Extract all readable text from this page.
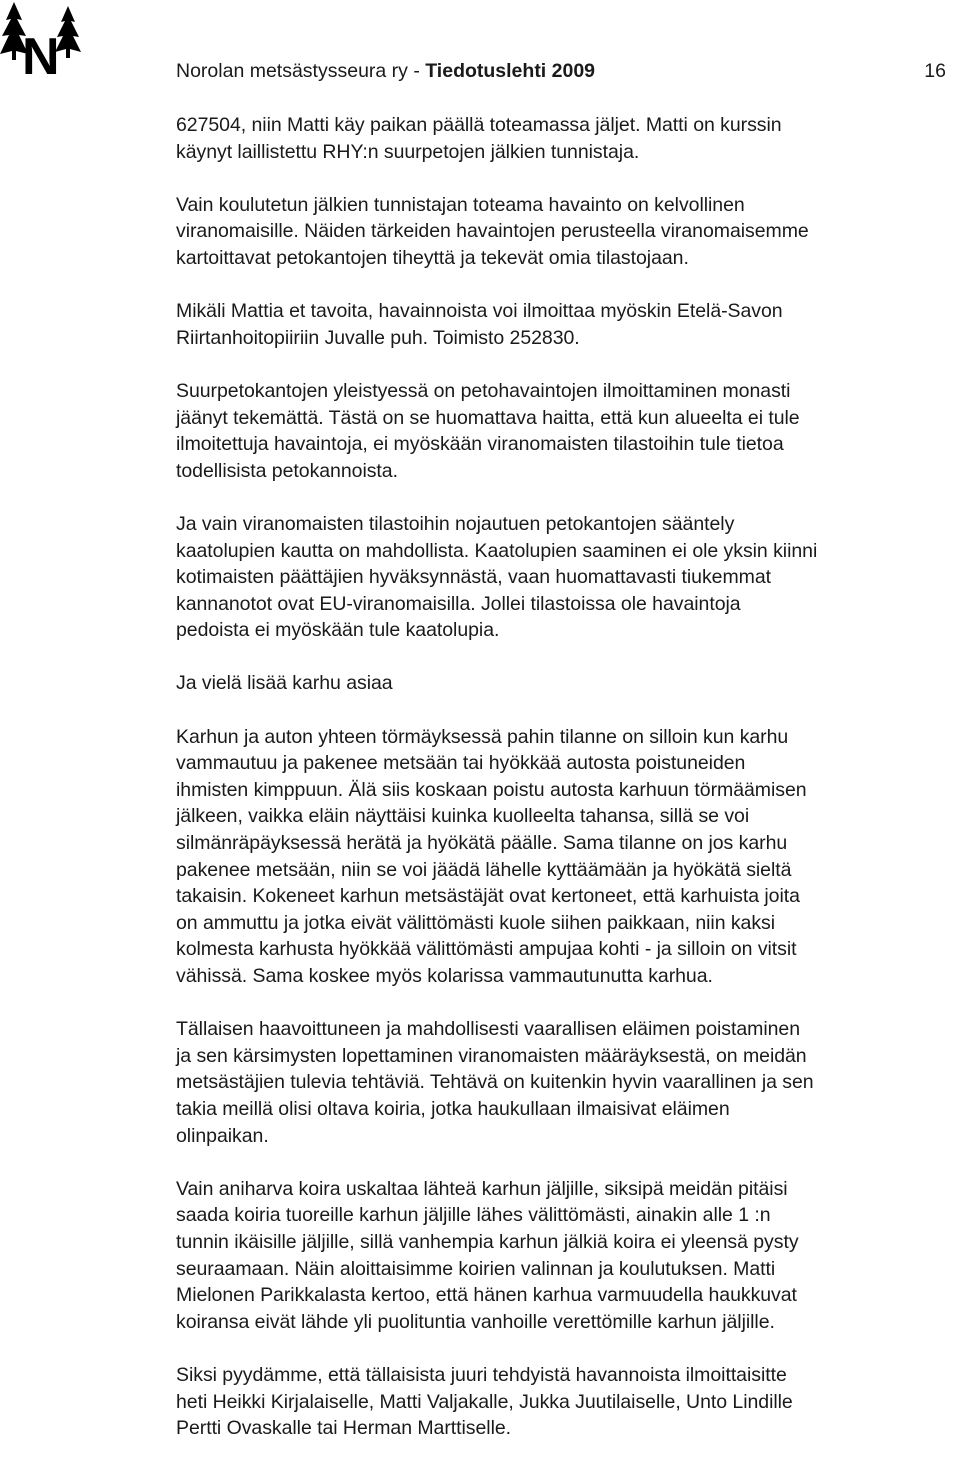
N	Norolan metsästysseura ry - Tiedotuslehti 2009	16

627504, niin Matti käy paikan päällä toteamassa jäljet. Matti on kurssin
käynyt laillistettu RHY:n suurpetojen jälkien tunnistaja.

Vain koulutetun jälkien tunnistajan toteama havainto on kelvollinen
viranomaisille. Näiden tärkeiden havaintojen perusteella viranomaisemme
kartoittavat petokantojen tiheyttä ja tekevät omia tilastojaan.

Mikäli Mattia et tavoita, havainnoista voi ilmoittaa myöskin Etelä-Savon
Riirtanhoitopiiriin Juvalle puh. Toimisto 252830.

Suurpetokantojen yleistyessä on petohavaintojen ilmoittaminen monasti
jäänyt tekemättä. Tästä on se huomattava haitta, että kun alueelta ei tule
ilmoitettuja havaintoja, ei myöskään viranomaisten tilastoihin tule tietoa
todellisista petokannoista.

Ja vain viranomaisten tilastoihin nojautuen petokantojen sääntely
kaatolupien kautta on mahdollista. Kaatolupien saaminen ei ole yksin kiinni
kotimaisten päättäjien hyväksynnästä, vaan huomattavasti tiukemmat
kannanotot ovat EU-viranomaisilla. Jollei tilastoissa ole havaintoja
pedoista ei myöskään tule kaatolupia.

Ja vielä lisää karhu asiaa

Karhun ja auton yhteen törmäyksessä pahin tilanne on silloin kun karhu
vammautuu ja pakenee metsään tai hyökkää autosta poistuneiden
ihmisten kimppuun. Älä siis koskaan poistu autosta karhuun törmäämisen
jälkeen, vaikka eläin näyttäisi kuinka kuolleelta tahansa, sillä se voi
silmänräpäyksessä herätä ja hyökätä päälle. Sama tilanne on jos karhu
pakenee metsään, niin se voi jäädä lähelle kyttäämään ja hyökätä sieltä
takaisin. Kokeneet karhun metsästäjät ovat kertoneet, että karhuista joita
on ammuttu ja jotka eivät välittömästi kuole siihen paikkaan, niin kaksi
kolmesta karhusta hyökkää välittömästi ampujaa kohti - ja silloin on vitsit
vähissä. Sama koskee myös kolarissa vammautunutta karhua.

Tällaisen haavoittuneen ja mahdollisesti vaarallisen eläimen poistaminen
ja sen kärsimysten lopettaminen viranomaisten määräyksestä, on meidän
metsästäjien tulevia tehtäviä. Tehtävä on kuitenkin hyvin vaarallinen ja sen
takia meillä olisi oltava koiria, jotka haukullaan ilmaisivat eläimen
olinpaikan.

Vain aniharva koira uskaltaa lähteä karhun jäljille, siksipä meidän pitäisi
saada koiria tuoreille karhun jäljille lähes välittömästi, ainakin alle 1 :n
tunnin ikäisille jäljille, sillä vanhempia karhun jälkiä koira ei yleensä pysty
seuraamaan. Näin aloittaisimme koirien valinnan ja koulutuksen. Matti
Mielonen Parikkalasta kertoo, että hänen karhua varmuudella haukkuvat
koiransa eivät lähde yli puolituntia vanhoille verettömille karhun jäljille.

Siksi pyydämme, että tällaisista juuri tehdyistä havannoista ilmoittaisitte
heti Heikki Kirjalaiselle, Matti Valjakalle, Jukka Juutilaiselle, Unto Lindille
Pertti Ovaskalle tai Herman Marttiselle.
